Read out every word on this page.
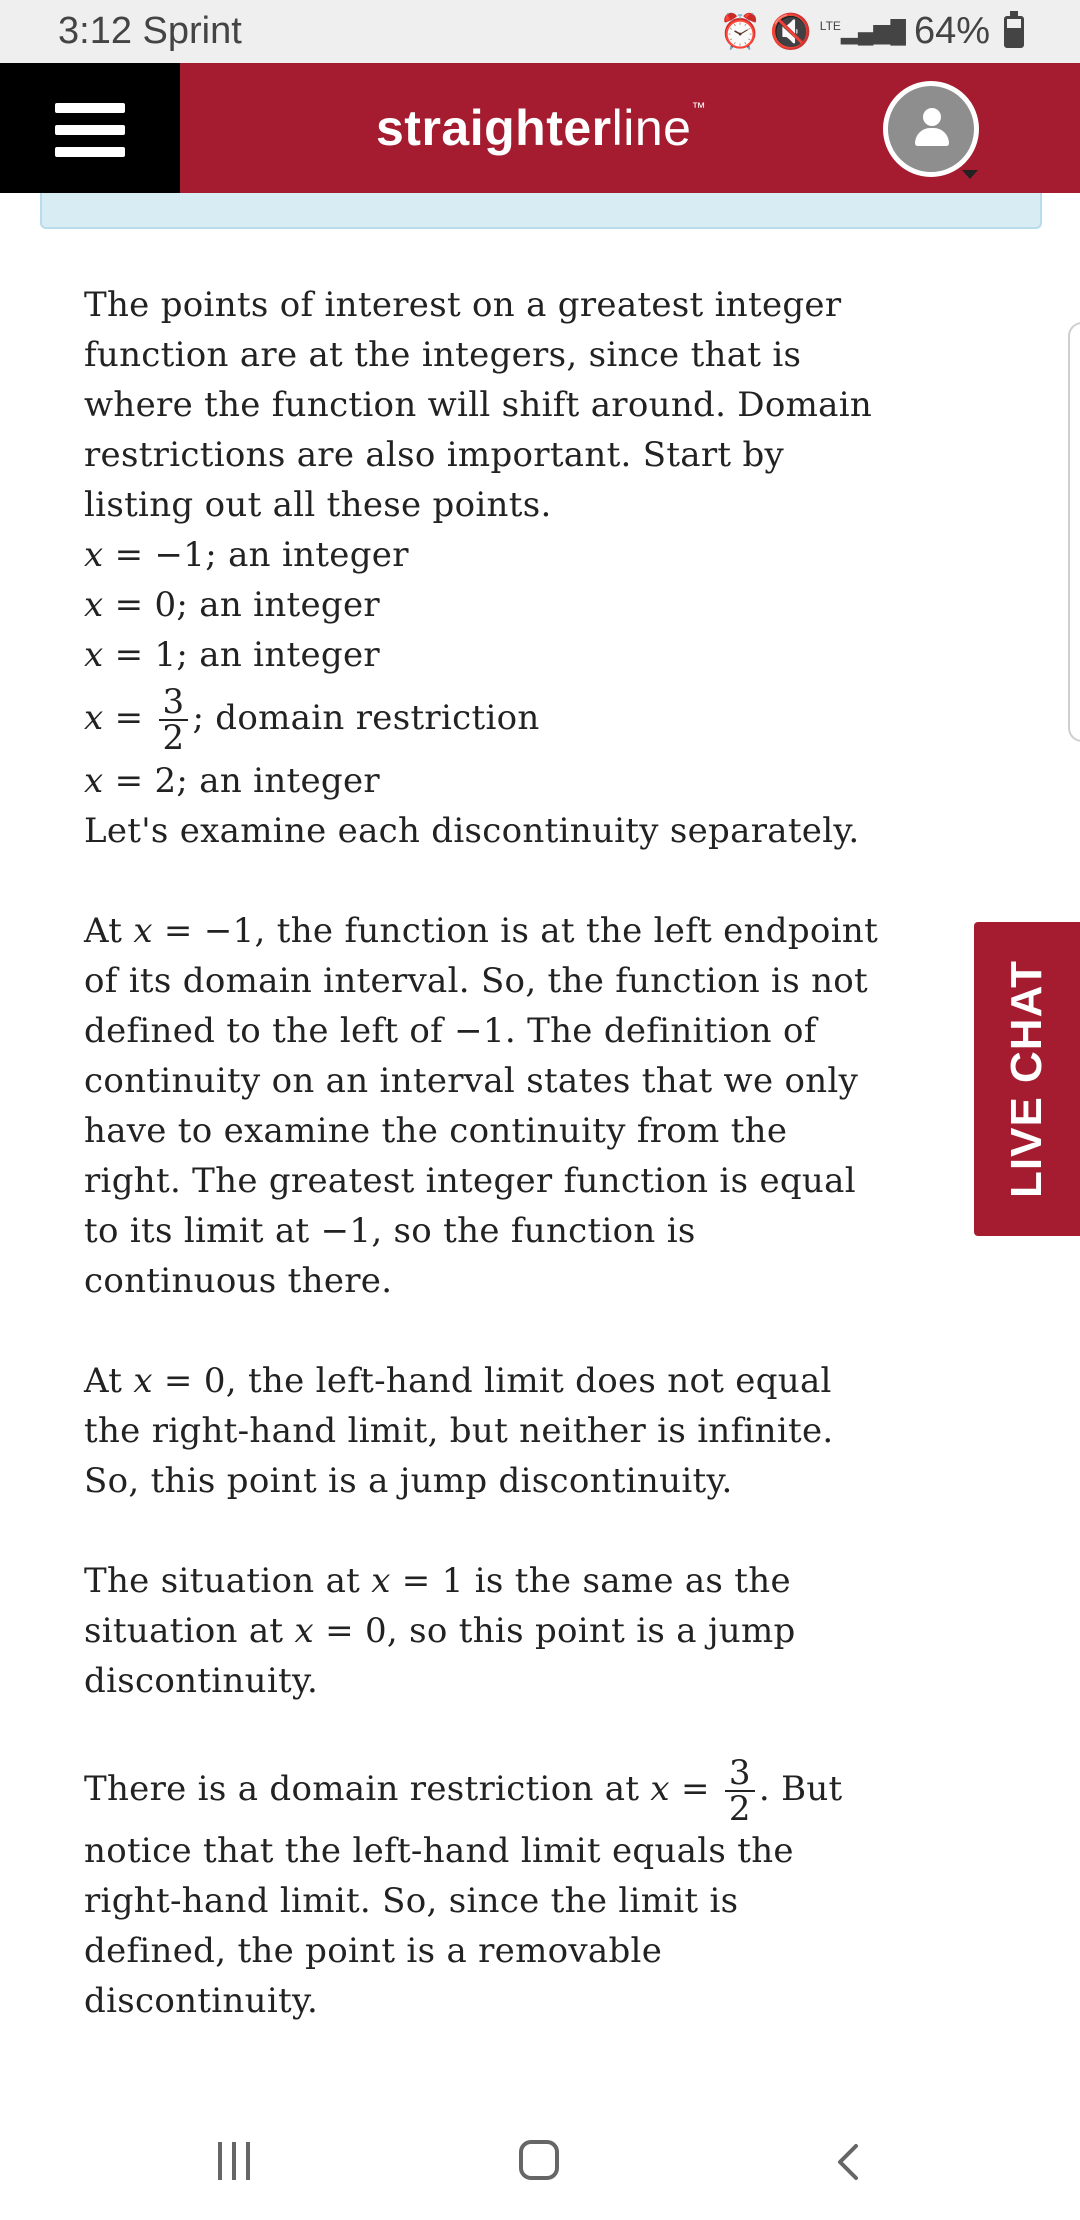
3:12 Sprint	⏰ 🔇 $^{LTE}$▂▄▆█ 64%
straighterline™

The points of interest on a greatest integer function are at the integers, since that is where the function will shift around. Domain restrictions are also important. Start by listing out all these points.

x = −1; an integer
x = 0; an integer
x = 1; an integer
$x = \frac{3}{2}$ ; domain restriction
x = 2; an integer

Let's examine each discontinuity separately.

At x = −1, the function is at the left endpoint of its domain interval. So, the function is not defined to the left of −1. The definition of continuity on an interval states that we only have to examine the continuity from the right. The greatest integer function is equal to its limit at −1, so the function is continuous there.

At x = 0, the left-hand limit does not equal the right-hand limit, but neither is infinite. So, this point is a jump discontinuity.

The situation at x = 1 is the same as the situation at x = 0, so this point is a jump discontinuity.

There is a domain restriction at $x = \frac{3}{2}$ . But notice that the left-hand limit equals the right-hand limit. So, since the limit is defined, the point is a removable discontinuity.

LIVE CHAT
